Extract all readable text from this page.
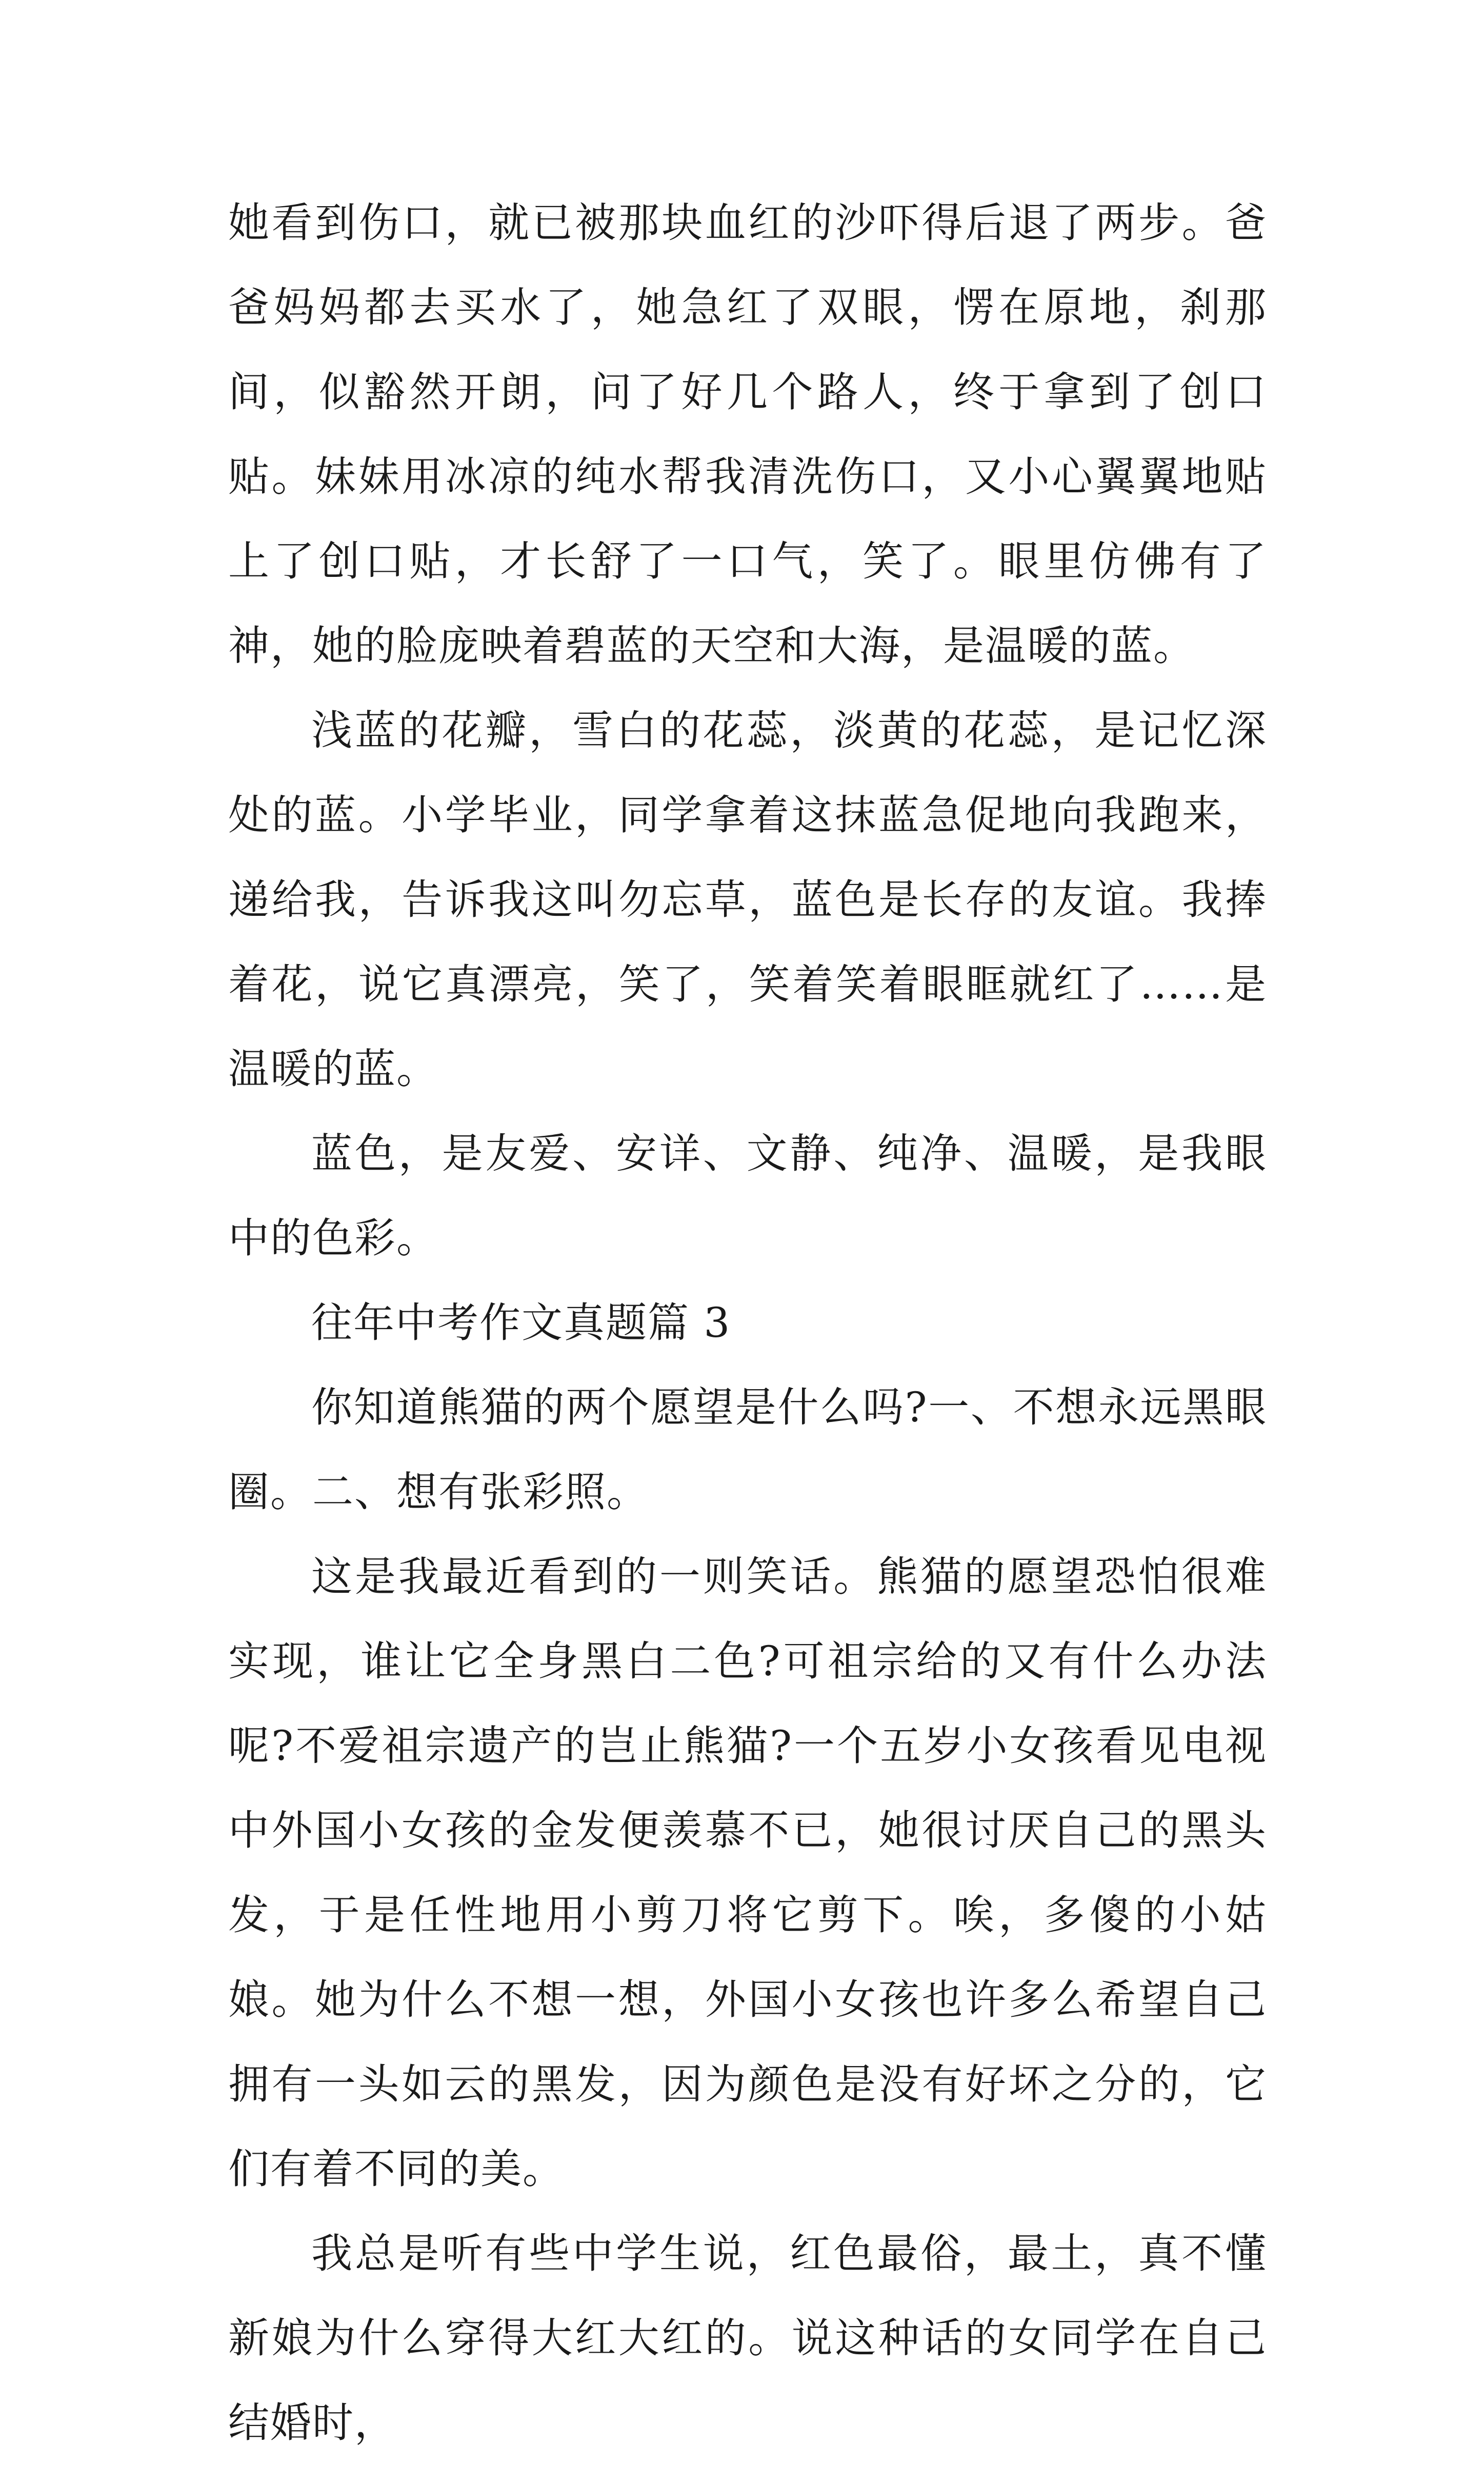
她看到伤口，就已被那块血红的沙吓得后退了两步。爸爸妈妈都去买水了，她急红了双眼，愣在原地，刹那间，似豁然开朗，问了好几个路人，终于拿到了创口贴。妹妹用冰凉的纯水帮我清洗伤口，又小心翼翼地贴上了创口贴，才长舒了一口气，笑了。眼里仿佛有了神，她的脸庞映着碧蓝的天空和大海，是温暖的蓝。

浅蓝的花瓣，雪白的花蕊，淡黄的花蕊，是记忆深处的蓝。小学毕业，同学拿着这抹蓝急促地向我跑来，递给我，告诉我这叫勿忘草，蓝色是长存的友谊。我捧着花，说它真漂亮，笑了，笑着笑着眼眶就红了……是温暖的蓝。

蓝色，是友爱、安详、文静、纯净、温暖，是我眼中的色彩。

往年中考作文真题篇 3

你知道熊猫的两个愿望是什么吗?一、不想永远黑眼圈。二、想有张彩照。

这是我最近看到的一则笑话。熊猫的愿望恐怕很难实现，谁让它全身黑白二色?可祖宗给的又有什么办法呢?不爱祖宗遗产的岂止熊猫?一个五岁小女孩看见电视中外国小女孩的金发便羡慕不已，她很讨厌自己的黑头发，于是任性地用小剪刀将它剪下。唉，多傻的小姑娘。她为什么不想一想，外国小女孩也许多么希望自己拥有一头如云的黑发，因为颜色是没有好坏之分的，它们有着不同的美。

我总是听有些中学生说，红色最俗，最土，真不懂新娘为什么穿得大红大红的。说这种话的女同学在自己结婚时，
